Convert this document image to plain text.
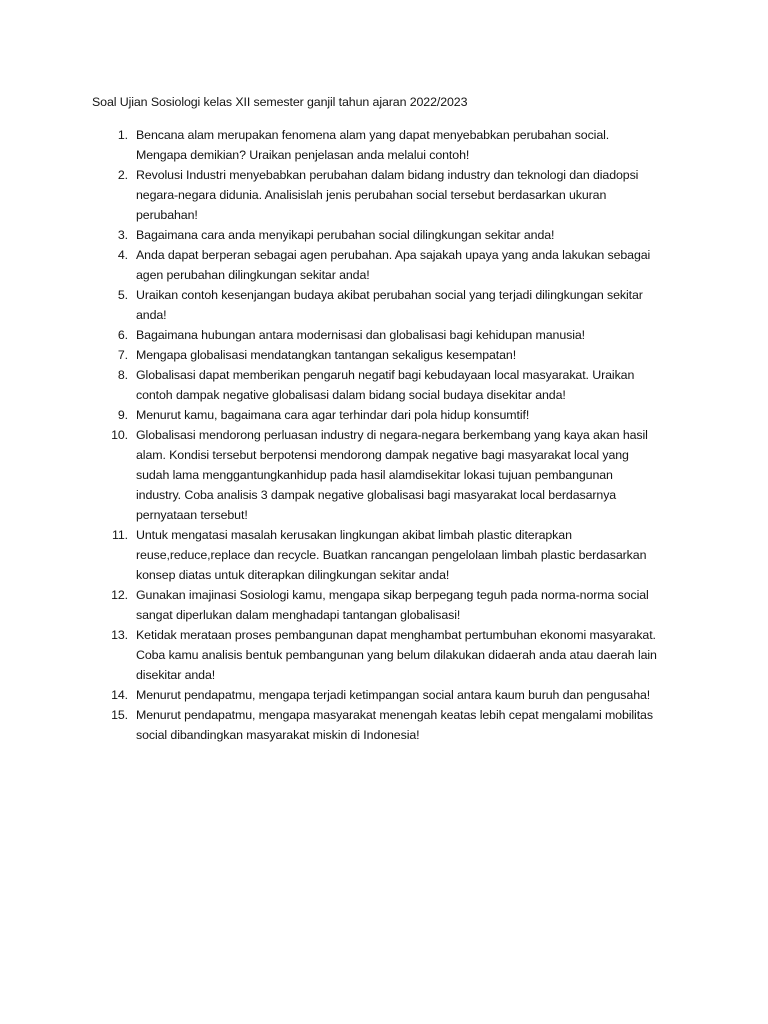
Soal Ujian Sosiologi kelas XII semester ganjil tahun ajaran 2022/2023
1. Bencana alam merupakan fenomena alam yang dapat menyebabkan perubahan social.
Mengapa demikian? Uraikan penjelasan anda melalui contoh!
2. Revolusi Industri menyebabkan perubahan dalam bidang industry dan teknologi dan diadopsi
negara-negara didunia. Analisislah jenis perubahan social tersebut berdasarkan ukuran
perubahan!
3. Bagaimana cara anda menyikapi perubahan social dilingkungan sekitar anda!
4. Anda dapat berperan sebagai agen perubahan. Apa sajakah upaya yang anda lakukan sebagai
agen perubahan dilingkungan sekitar anda!
5. Uraikan contoh kesenjangan budaya akibat perubahan social yang terjadi dilingkungan sekitar
anda!
6. Bagaimana hubungan antara modernisasi dan globalisasi bagi kehidupan manusia!
7. Mengapa globalisasi mendatangkan tantangan sekaligus kesempatan!
8. Globalisasi dapat memberikan pengaruh negatif bagi kebudayaan local masyarakat. Uraikan
contoh dampak negative globalisasi dalam bidang social budaya disekitar anda!
9. Menurut kamu, bagaimana cara agar terhindar dari pola hidup konsumtif!
10. Globalisasi mendorong perluasan industry di negara-negara berkembang yang kaya akan hasil
alam. Kondisi tersebut berpotensi mendorong dampak negative bagi masyarakat local yang
sudah lama menggantungkanhidup pada hasil alamdisekitar lokasi tujuan pembangunan
industry. Coba analisis 3 dampak negative globalisasi bagi masyarakat local berdasarnya
pernyataan tersebut!
11. Untuk mengatasi masalah kerusakan lingkungan akibat limbah plastic diterapkan
reuse,reduce,replace dan recycle. Buatkan rancangan pengelolaan limbah plastic berdasarkan
konsep diatas untuk diterapkan dilingkungan sekitar anda!
12. Gunakan imajinasi Sosiologi kamu, mengapa sikap berpegang teguh pada norma-norma social
sangat diperlukan dalam menghadapi tantangan globalisasi!
13. Ketidak merataan proses pembangunan dapat menghambat pertumbuhan ekonomi masyarakat.
Coba kamu analisis bentuk pembangunan yang belum dilakukan didaerah anda atau daerah lain
disekitar anda!
14. Menurut pendapatmu, mengapa terjadi ketimpangan social antara kaum buruh dan pengusaha!
15. Menurut pendapatmu, mengapa masyarakat menengah keatas lebih cepat mengalami mobilitas
social dibandingkan masyarakat miskin di Indonesia!
